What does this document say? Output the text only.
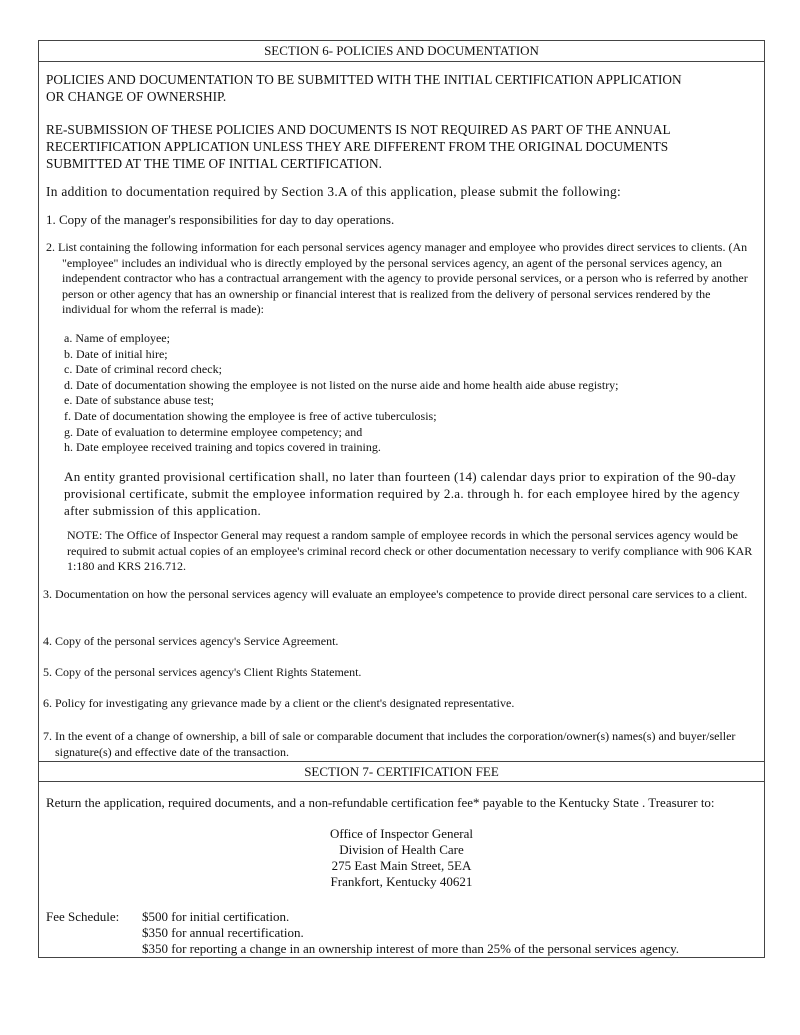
SECTION 6- POLICIES AND DOCUMENTATION
POLICIES AND DOCUMENTATION TO BE SUBMITTED WITH THE INITIAL CERTIFICATION APPLICATION OR CHANGE OF OWNERSHIP.
RE-SUBMISSION OF THESE POLICIES AND DOCUMENTS IS NOT REQUIRED AS PART OF THE ANNUAL RECERTIFICATION APPLICATION UNLESS THEY ARE DIFFERENT FROM THE ORIGINAL DOCUMENTS SUBMITTED AT THE TIME OF INITIAL CERTIFICATION.
In addition to documentation required by Section 3.A of this application, please submit the following:
1. Copy of the manager's responsibilities for day to day operations.
2. List containing the following information for each personal services agency manager and employee who provides direct services to clients. (An "employee" includes an individual who is directly employed by the personal services agency, an agent of the personal services agency, an independent contractor who has a contractual arrangement with the agency to provide personal services, or a person who is referred by another person or other agency that has an ownership or financial interest that is realized from the delivery of personal services rendered by the individual for whom the referral is made):
a. Name of employee;
b. Date of initial hire;
c. Date of criminal record check;
d. Date of documentation showing the employee is not listed on the nurse aide and home health aide abuse registry;
e. Date of substance abuse test;
f. Date of documentation showing the employee is free of active tuberculosis;
g. Date of evaluation to determine employee competency; and
h. Date employee received training and topics covered in training.
An entity granted provisional certification shall, no later than fourteen (14) calendar days prior to expiration of the 90-day provisional certificate, submit the employee information required by 2.a. through h. for each employee hired by the agency after submission of this application.
NOTE: The Office of Inspector General may request a random sample of employee records in which the personal services agency would be required to submit actual copies of an employee's criminal record check or other documentation necessary to verify compliance with 906 KAR 1:180 and KRS 216.712.
3. Documentation on how the personal services agency will evaluate an employee's competence to provide direct personal care services to a client.
4. Copy of the personal services agency's Service Agreement.
5. Copy of the personal services agency's Client Rights Statement.
6. Policy for investigating any grievance made by a client or the client's designated representative.
7. In the event of a change of ownership, a bill of sale or comparable document that includes the corporation/owner(s) names(s) and buyer/seller signature(s) and effective date of the transaction.
SECTION 7- CERTIFICATION FEE
Return the application, required documents, and a non-refundable certification fee* payable to the Kentucky State . Treasurer to:
Office of Inspector General
Division of Health Care
275 East Main Street, 5EA
Frankfort, Kentucky 40621
Fee Schedule: $500 for initial certification.
$350 for annual recertification.
$350 for reporting a change in an ownership interest of more than 25% of the personal services agency.
